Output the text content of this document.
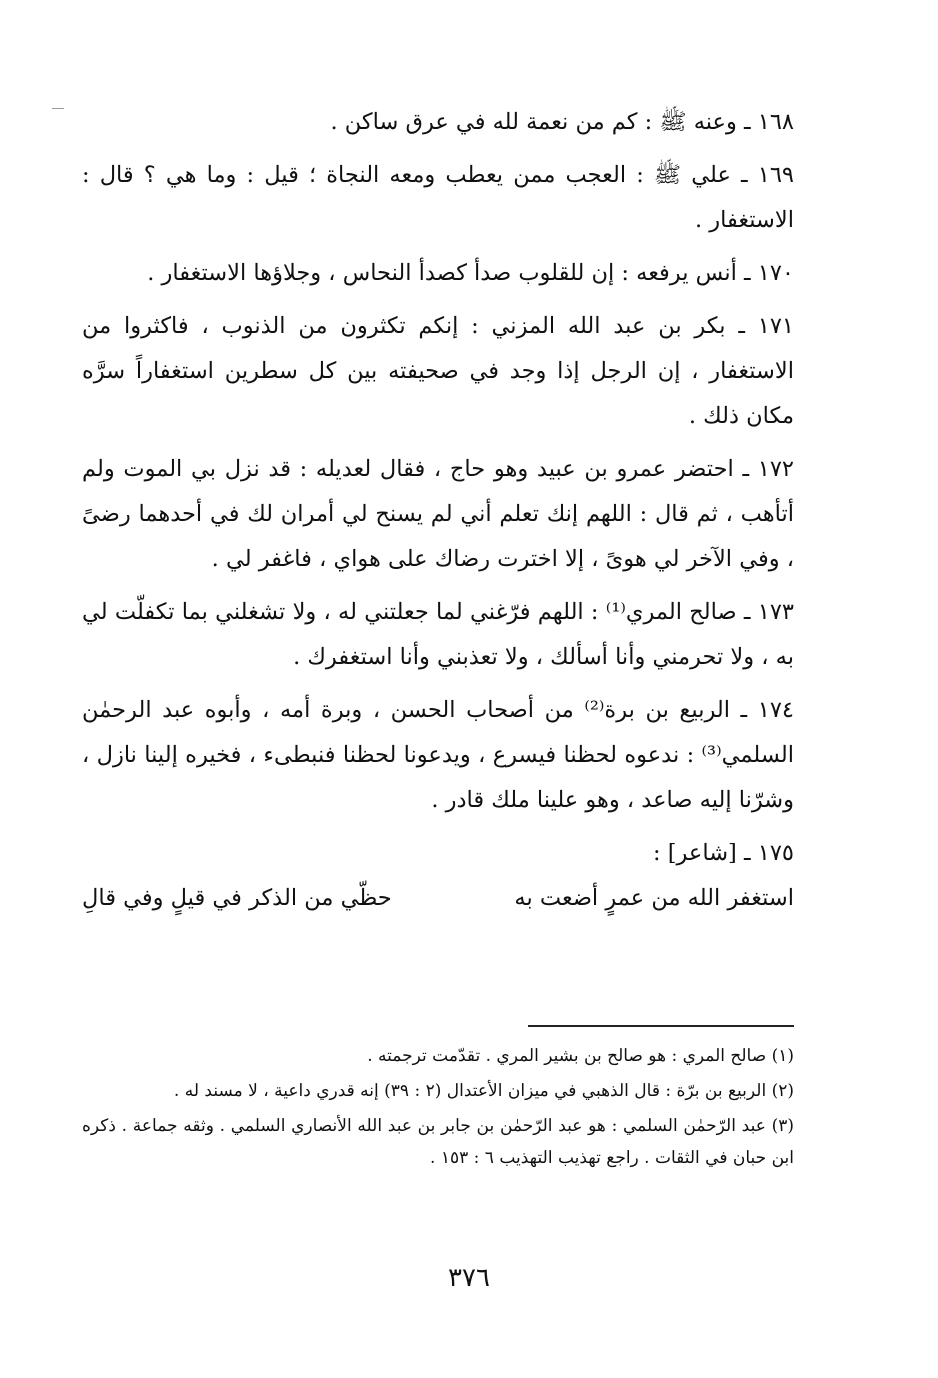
١٦٨ ـ وعنه ﷺ : كم من نعمة لله في عرق ساكن .

١٦٩ ـ علي ﷺ : العجب ممن يعطب ومعه النجاة ؛ قيل : وما هي ؟ قال : الاستغفار .

١٧٠ ـ أنس يرفعه : إن للقلوب صدأ كصدأ النحاس ، وجلاؤها الاستغفار .

١٧١ ـ بكر بن عبد الله المزني : إنكم تكثرون من الذنوب ، فاكثروا من الاستغفار ، إن الرجل إذا وجد في صحيفته بين كل سطرين استغفاراً سرَّه مكان ذلك .

١٧٢ ـ احتضر عمرو بن عبيد وهو حاج ، فقال لعديله : قد نزل بي الموت ولم أتأهب ، ثم قال : اللهم إنك تعلم أني لم يسنح لي أمران لك في أحدهما رضىً ، وفي الآخر لي هوىً ، إلا اخترت رضاك على هواي ، فاغفر لي .

١٧٣ ـ صالح المري⁽¹⁾ : اللهم فرّغني لما جعلتني له ، ولا تشغلني بما تكفلّت لي به ، ولا تحرمني وأنا أسألك ، ولا تعذبني وأنا استغفرك .

١٧٤ ـ الربيع بن برة⁽²⁾ من أصحاب الحسن ، وبرة أمه ، وأبوه عبد الرحمٰن السلمي⁽³⁾ : ندعوه لحظنا فيسرع ، ويدعونا لحظنا فنبطىء ، فخيره إلينا نازل ، وشرّنا إليه صاعد ، وهو علينا ملك قادر .

١٧٥ ـ [شاعر] :

استغفر الله من عمرٍ أضعت به
حظّي من الذكر في قيلٍ وفي قالِ

(١) صالح المري : هو صالح بن بشير المري . تقدّمت ترجمته .

(٢) الربيع بن برّة : قال الذهبي في ميزان الأعتدال (٢ : ٣٩) إنه قدري داعية ، لا مسند له .

(٣) عبد الرّحمٰن السلمي : هو عبد الرّحمٰن بن جابر بن عبد الله الأنصاري السلمي . وثقه جماعة . ذكره ابن حبان في الثقات . راجع تهذيب التهذيب ٦ : ١٥٣ .

٣٧٦
